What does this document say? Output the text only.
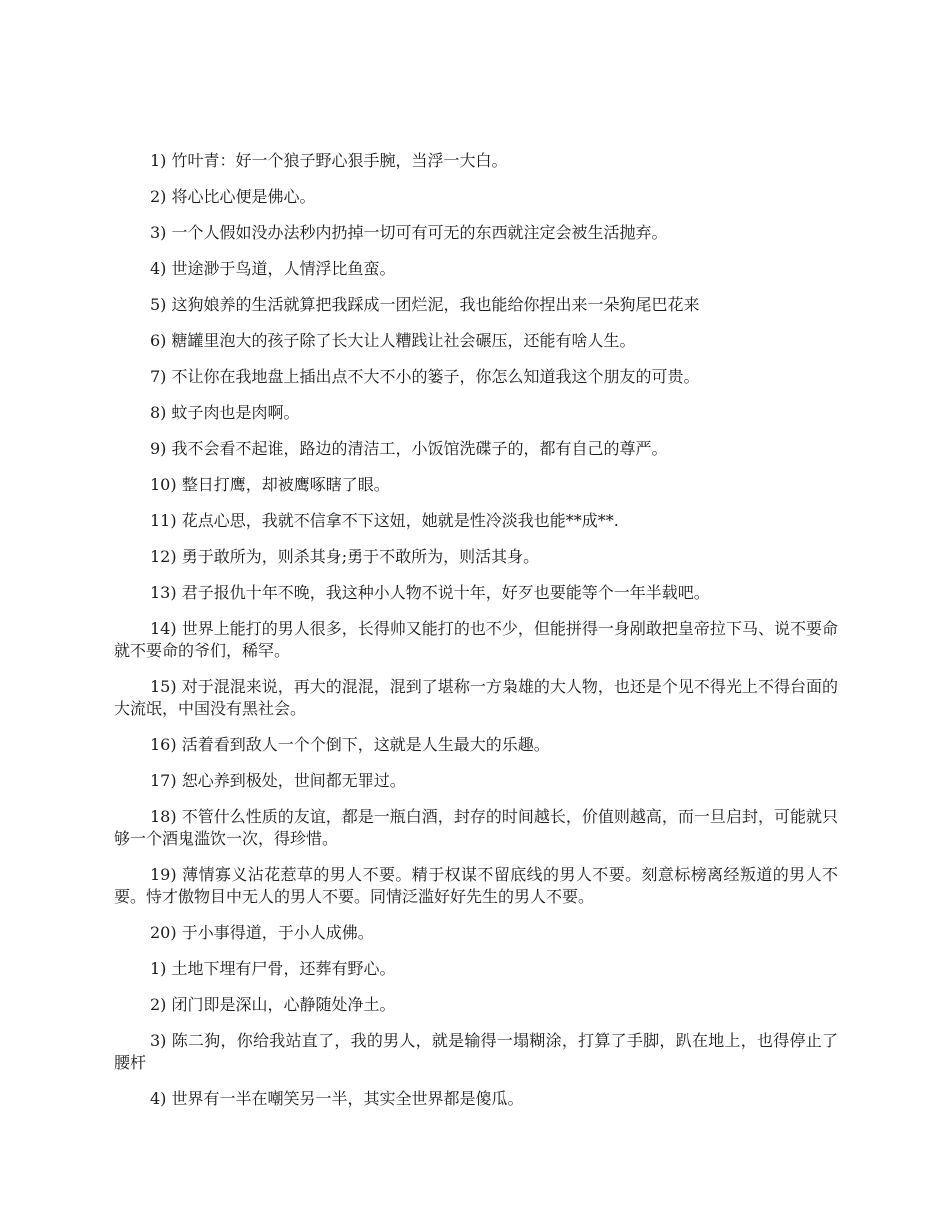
1) 竹叶青：好一个狼子野心狠手腕，当浮一大白。

2) 将心比心便是佛心。

3) 一个人假如没办法秒内扔掉一切可有可无的东西就注定会被生活抛弃。

4) 世途渺于鸟道，人情浮比鱼蛮。

5) 这狗娘养的生活就算把我踩成一团烂泥，我也能给你捏出来一朵狗尾巴花来

6) 糖罐里泡大的孩子除了长大让人糟践让社会碾压，还能有啥人生。

7) 不让你在我地盘上插出点不大不小的篓子，你怎么知道我这个朋友的可贵。

8) 蚊子肉也是肉啊。

9) 我不会看不起谁，路边的清洁工，小饭馆洗碟子的，都有自己的尊严。

10) 整日打鹰，却被鹰啄瞎了眼。

11) 花点心思，我就不信拿不下这妞，她就是性冷淡我也能**成**.

12) 勇于敢所为，则杀其身;勇于不敢所为，则活其身。

13) 君子报仇十年不晚，我这种小人物不说十年，好歹也要能等个一年半载吧。

14) 世界上能打的男人很多，长得帅又能打的也不少，但能拼得一身剐敢把皇帝拉下马、说不要命就不要命的爷们，稀罕。

15) 对于混混来说，再大的混混，混到了堪称一方枭雄的大人物，也还是个见不得光上不得台面的大流氓，中国没有黑社会。

16) 活着看到敌人一个个倒下，这就是人生最大的乐趣。

17) 恕心养到极处，世间都无罪过。

18) 不管什么性质的友谊，都是一瓶白酒，封存的时间越长，价值则越高，而一旦启封，可能就只够一个酒鬼滥饮一次，得珍惜。

19) 薄情寡义沾花惹草的男人不要。精于权谋不留底线的男人不要。刻意标榜离经叛道的男人不要。恃才傲物目中无人的男人不要。同情泛滥好好先生的男人不要。

20) 于小事得道，于小人成佛。

1) 土地下埋有尸骨，还葬有野心。

2) 闭门即是深山，心静随处净土。

3) 陈二狗，你给我站直了，我的男人，就是输得一塌糊涂，打算了手脚，趴在地上，也得停止了腰杆

4) 世界有一半在嘲笑另一半，其实全世界都是傻瓜。
